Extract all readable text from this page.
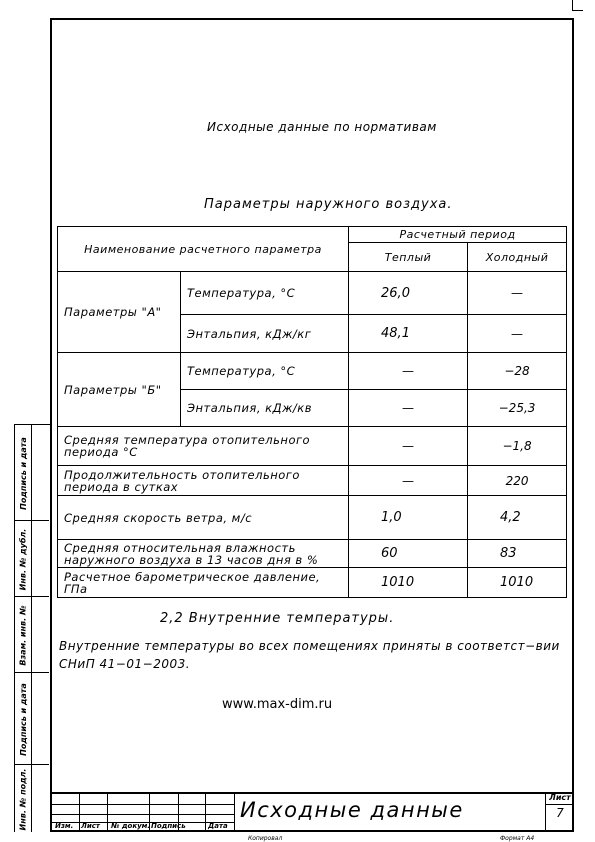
Исходные данные по нормативам
Параметры наружного воздуха.
Наименование расчетного параметра		Расчетный период	
		Теплый	Холодный
Параметры "А"	Температура, °С	26,0	—
	Энтальпия, кДж/кг	48,1	—
Параметры "Б"	Температура, °С	—	−28
	Энтальпия, кДж/кв	—	−25,3
Средняя температура отопительного периода °С		—	−1,8
Продолжительность отопительного периода в сутках		—	220
Средняя скорость ветра, м/с		1,0	4,2
Средняя относительная влажность наружного воздуха в 13 часов дня в %		60	83
Расчетное барометрическое давление, ГПа		1010	1010
2,2 Внутренние температуры.
Внутренние температуры во всех помещениях приняты в соответст−вии СНиП 41−01−2003.
www.max-dim.ru
Подпись и дата
Инв. № дубл.
Взам. инв. №
Подпись и дата
Инв. № подл.	Изм. Лист № докум. Подпись	Дата
Исходные данные
Лист
7
Копировал	Формат А4
